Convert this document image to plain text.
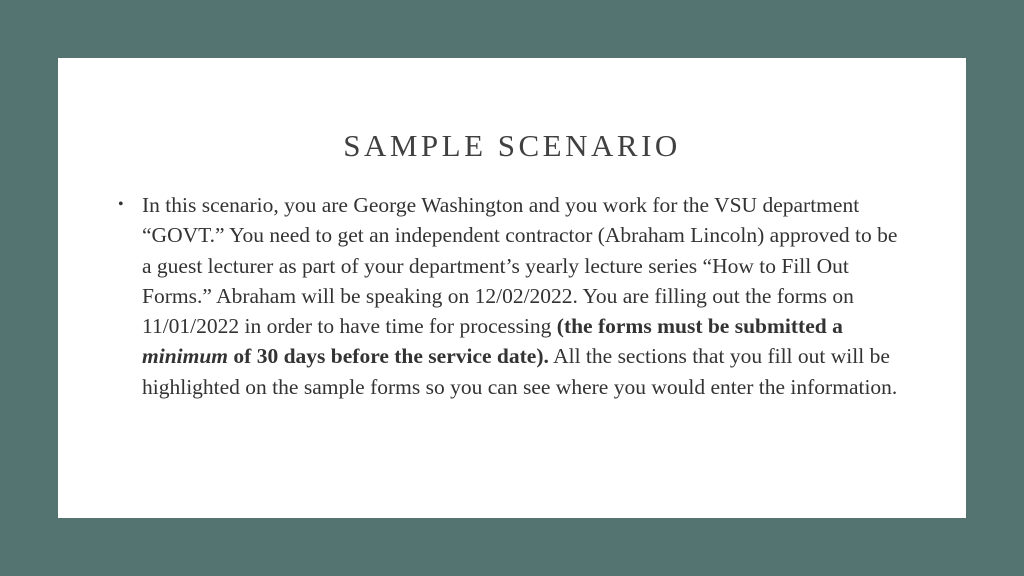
SAMPLE SCENARIO
• In this scenario, you are George Washington and you work for the VSU department “GOVT.” You need to get an independent contractor (Abraham Lincoln) approved to be a guest lecturer as part of your department’s yearly lecture series “How to Fill Out Forms.” Abraham will be speaking on 12/02/2022. You are filling out the forms on 11/01/2022 in order to have time for processing (the forms must be submitted a minimum of 30 days before the service date). All the sections that you fill out will be highlighted on the sample forms so you can see where you would enter the information.
